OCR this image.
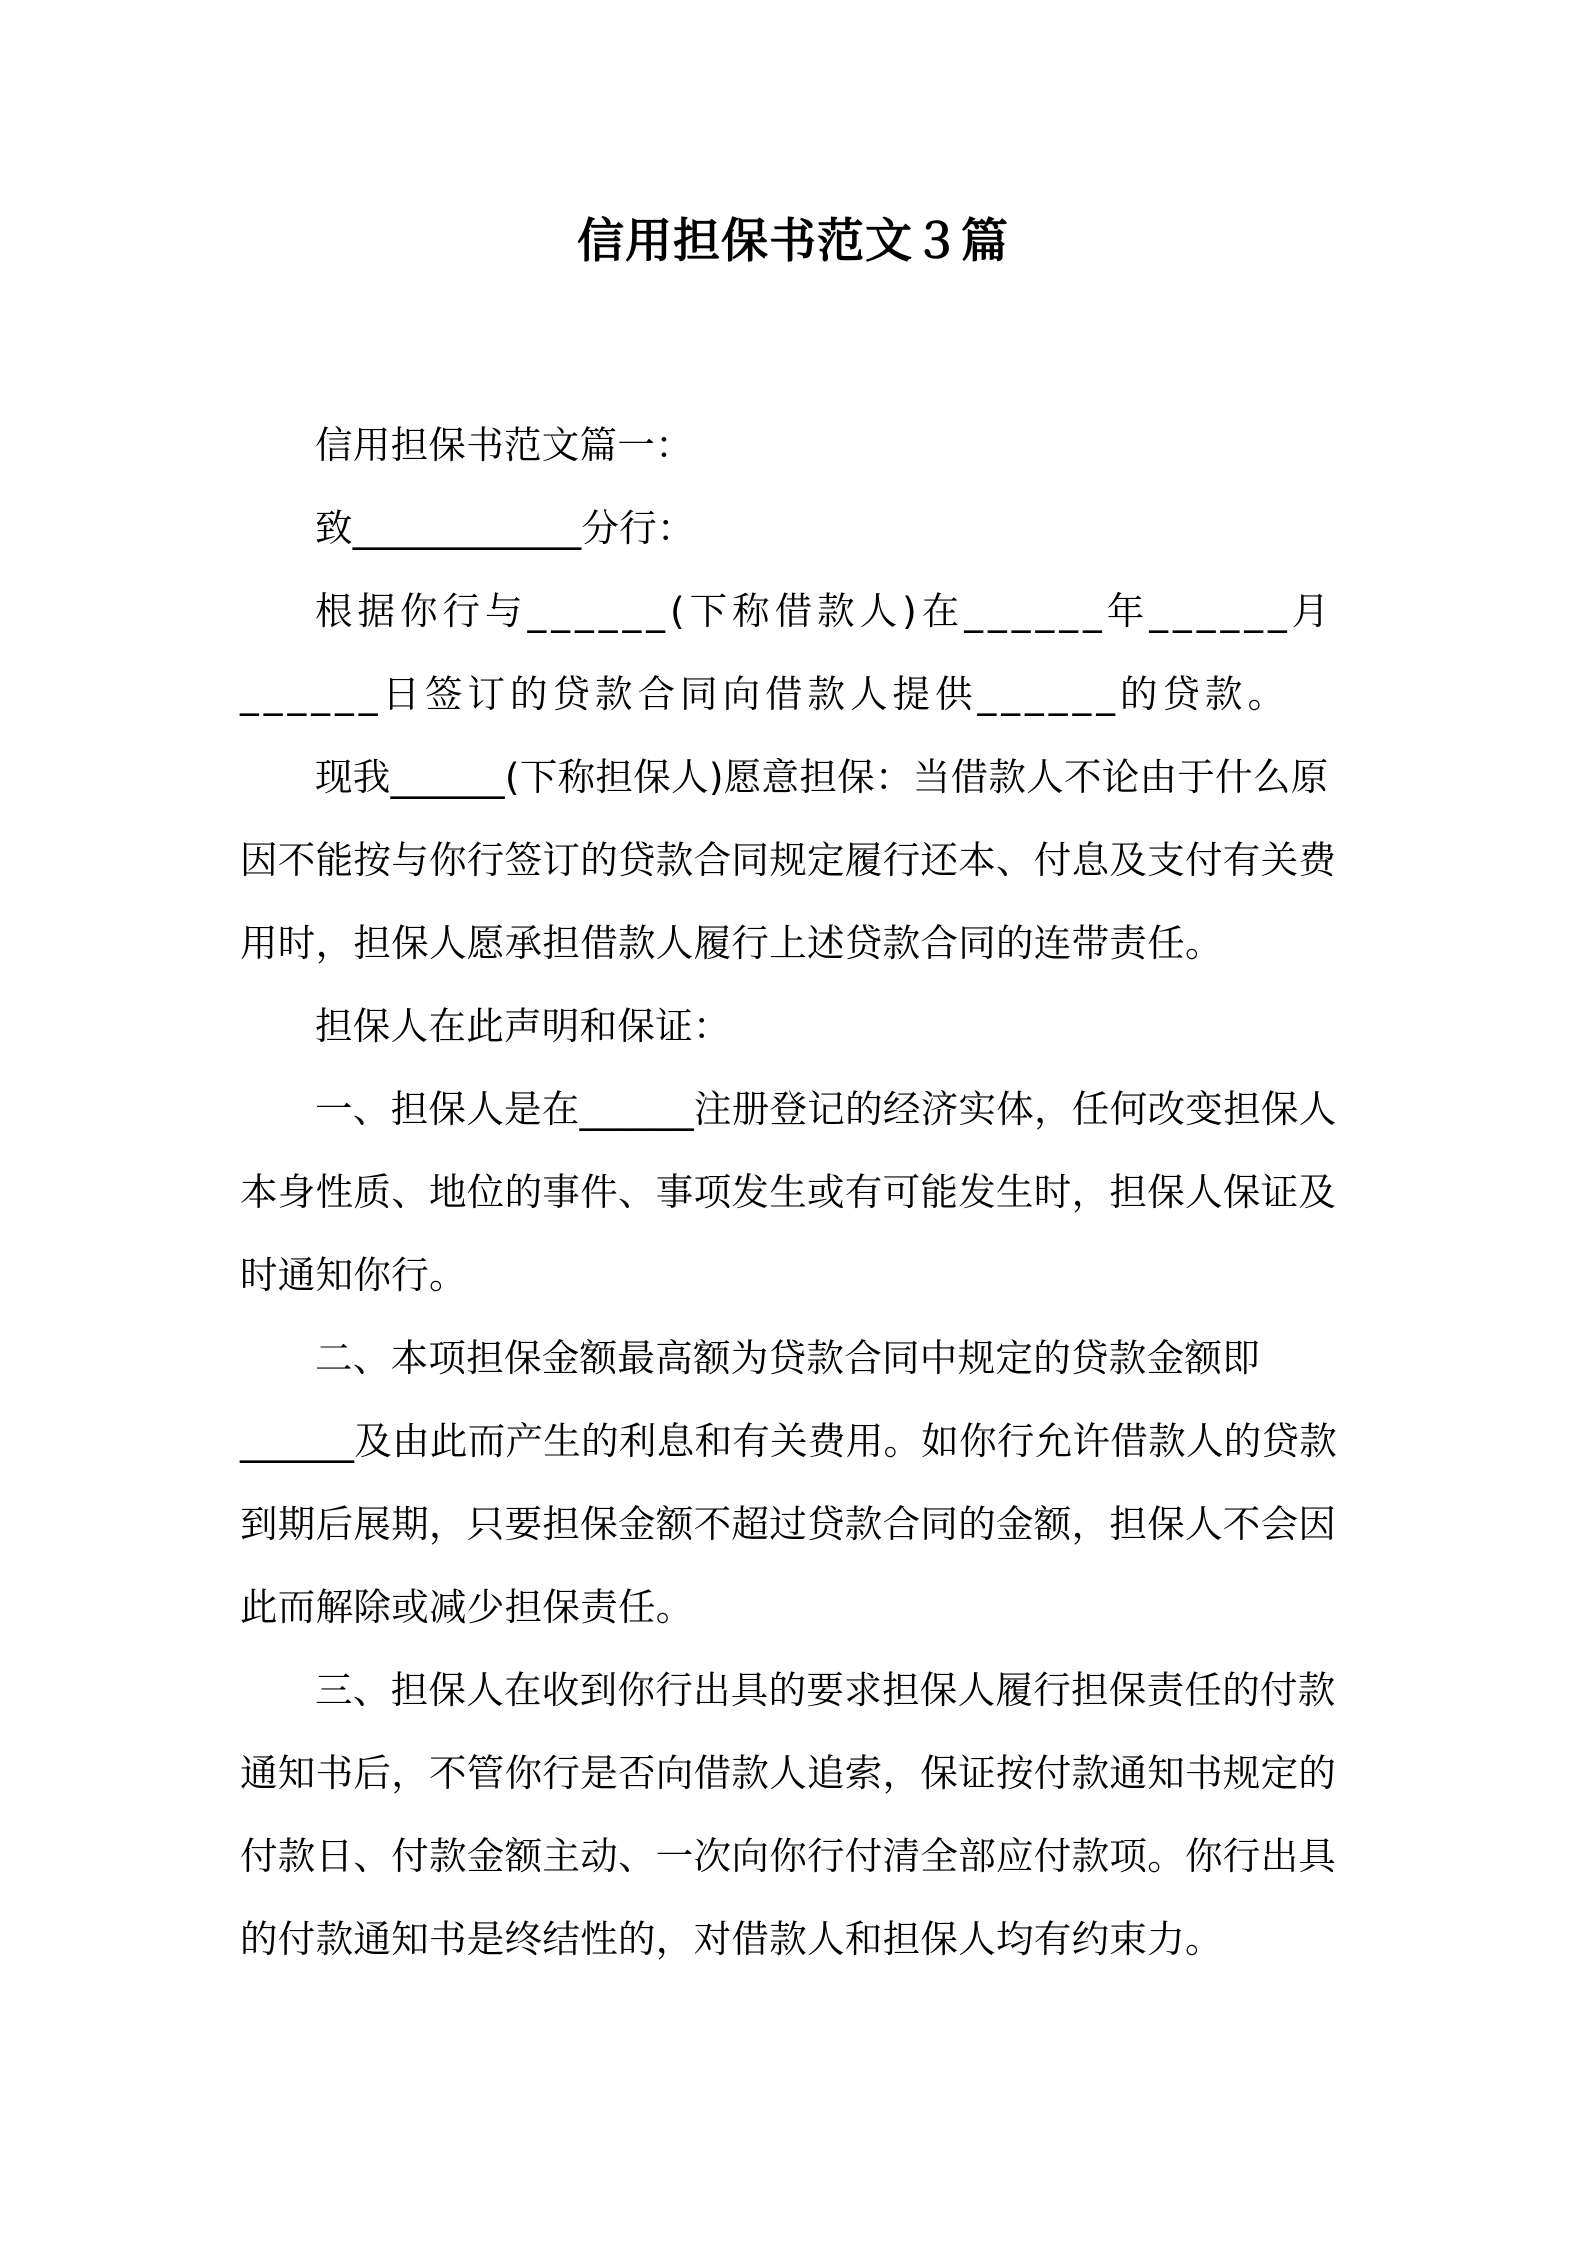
信用担保书范文３篇

信用担保书范文篇一：

致____________分行：

根据你行与______(下称借款人)在______年______月______日签订的贷款合同向借款人提供______的贷款。

现我______(下称担保人)愿意担保：当借款人不论由于什么原因不能按与你行签订的贷款合同规定履行还本、付息及支付有关费用时，担保人愿承担借款人履行上述贷款合同的连带责任。

担保人在此声明和保证：

一、担保人是在______注册登记的经济实体，任何改变担保人本身性质、地位的事件、事项发生或有可能发生时，担保人保证及时通知你行。

二、本项担保金额最高额为贷款合同中规定的贷款金额即______及由此而产生的利息和有关费用。如你行允许借款人的贷款到期后展期，只要担保金额不超过贷款合同的金额，担保人不会因此而解除或减少担保责任。

三、担保人在收到你行出具的要求担保人履行担保责任的付款通知书后，不管你行是否向借款人追索，保证按付款通知书规定的付款日、付款金额主动、一次向你行付清全部应付款项。你行出具的付款通知书是终结性的，对借款人和担保人均有约束力。
